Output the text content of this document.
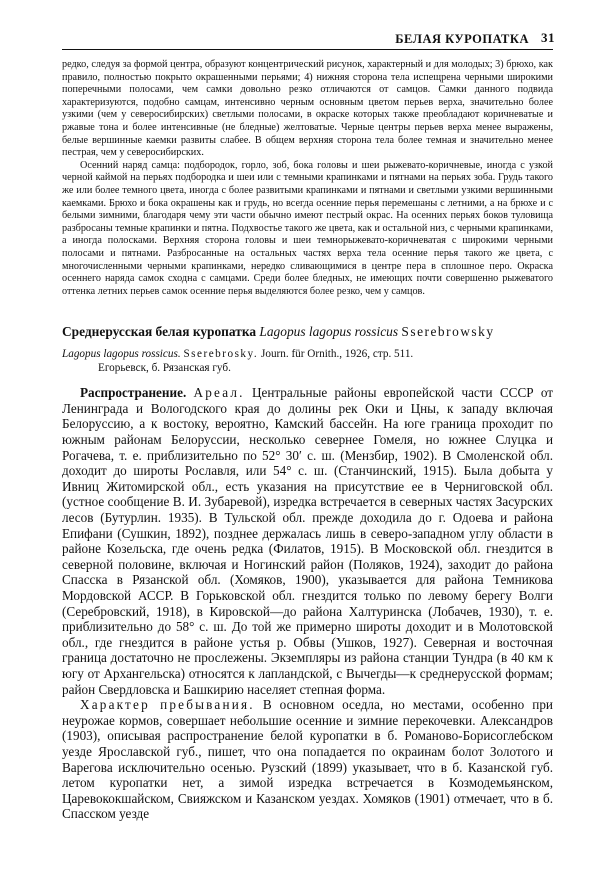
БЕЛАЯ КУРОПАТКА 31

редко, следуя за формой центра, образуют концентрический рисунок, характерный и для молодых; 3) брюхо, как правило, полностью покрыто окрашенными перьями; 4) нижняя сторона тела испещрена черными широкими поперечными полосами, чем самки довольно резко отличаются от самцов. Самки данного подвида характеризуются, подобно самцам, интенсивно черным основным цветом перьев верха, значительно более узкими (чем у североcибирских) светлыми полосами, в окраске которых также преобладают коричневатые и ржавые тона и более интенсивные (не бледные) желтоватые. Черные центры перьев верха менее выражены, белые вершинные каемки развиты слабее. В общем верхняя сторона тела более темная и значительно менее пестрая, чем у североcибирских.

Осенний наряд самца: подбородок, горло, зоб, бока головы и шеи рыжевато-коричневые, иногда с узкой черной каймой на перьях подбородка и шеи или с темными крапинками и пятнами на перьях зоба. Грудь такого же или более темного цвета, иногда с более развитыми крапинками и пятнами и светлыми узкими вершинными каемками. Брюхо и бока окрашены как и грудь, но всегда осенние перья перемешаны с летними, а на брюхе и с белыми зимними, благодаря чему эти части обычно имеют пестрый окрас. На осенних перьях боков туловища разбросаны темные крапинки и пятна. Подхвостье такого же цвета, как и остальной низ, с черными крапинками, а иногда полосками. Верхняя сторона головы и шеи темнорыжевато-коричневатая с широкими черными полосами и пятнами. Разбросанные на остальных частях верха тела осенние перья такого же цвета, с многочисленными черными крапинками, нередко сливающимися в центре пера в сплошное перо. Окраска осеннего наряда самок сходна с самцами. Среди более бледных, не имеющих почти совершенно рыжеватого оттенка летних перьев самок осенние перья выделяются более резко, чем у самцов.

Среднерусская белая куропатка Lagopus lagopus rossicus Sserebrowsky
Lagopus lagopus rossicus. Sserebrosky. Journ. für Ornith., 1926, стр. 511.
Егорьевск, б. Рязанская губ.

Распространение. Ареал. Центральные районы европейской части СССР от Ленинграда и Вологодского края до долины рек Оки и Цны, к западу включая Белоруссию, а к востоку, вероятно, Камский бассейн. На юге граница проходит по южным районам Белоруссии, несколько севернее Гомеля, но южнее Слуцка и Рогачева, т. е. приблизительно по 52° 30′ с. ш. (Мензбир, 1902). В Смоленской обл. доходит до широты Рославля, или 54° с. ш. (Станчинский, 1915). Была добыта у Ивниц Житомирской обл., есть указания на присутствие ее в Черниговской обл. (устное сообщение В. И. Зубаревой), изредка встречается в северных частях Засурских лесов (Бутурлин. 1935). В Тульской обл. прежде доходила до г. Одоева и района Епифани (Сушкин, 1892), позднее держалась лишь в северо-западном углу области в районе Козельска, где очень редка (Филатов, 1915). В Московской обл. гнездится в северной половине, включая и Ногинский район (Поляков, 1924), заходит до района Спасска в Рязанской обл. (Хомяков, 1900), указывается для района Темникова Мордовской АССР. В Горьковской обл. гнездится только по левому берегу Волги (Серебровский, 1918), в Кировской—до района Халтуринска (Лобачев, 1930), т. е. приблизительно до 58° с. ш. До той же примерно широты доходит и в Молотовской обл., где гнездится в районе устья р. Обвы (Ушков, 1927). Северная и восточная граница достаточно не прослежены. Экземпляры из района станции Тундра (в 40 км к югу от Архангельска) относятся к лапландской, с Вычегды—к среднерусской формам; район Свердловска и Башкирию населяет степная форма.

Характер пребывания. В основном оседла, но местами, особенно при неурожае кормов, совершает небольшие осенние и зимние перекочевки. Александров (1903), описывая распространение белой куропатки в б. Романово-Борисоглебском уезде Ярославской губ., пишет, что она попадается по окраинам болот Золотого и Варегова исключительно осенью. Рузский (1899) указывает, что в б. Казанской губ. летом куропатки нет, а зимой изредка встречается в Козмодемьянском, Царевококшайском, Свияжском и Казанском уездах. Хомяков (1901) отмечает, что в б. Спасском уезде
